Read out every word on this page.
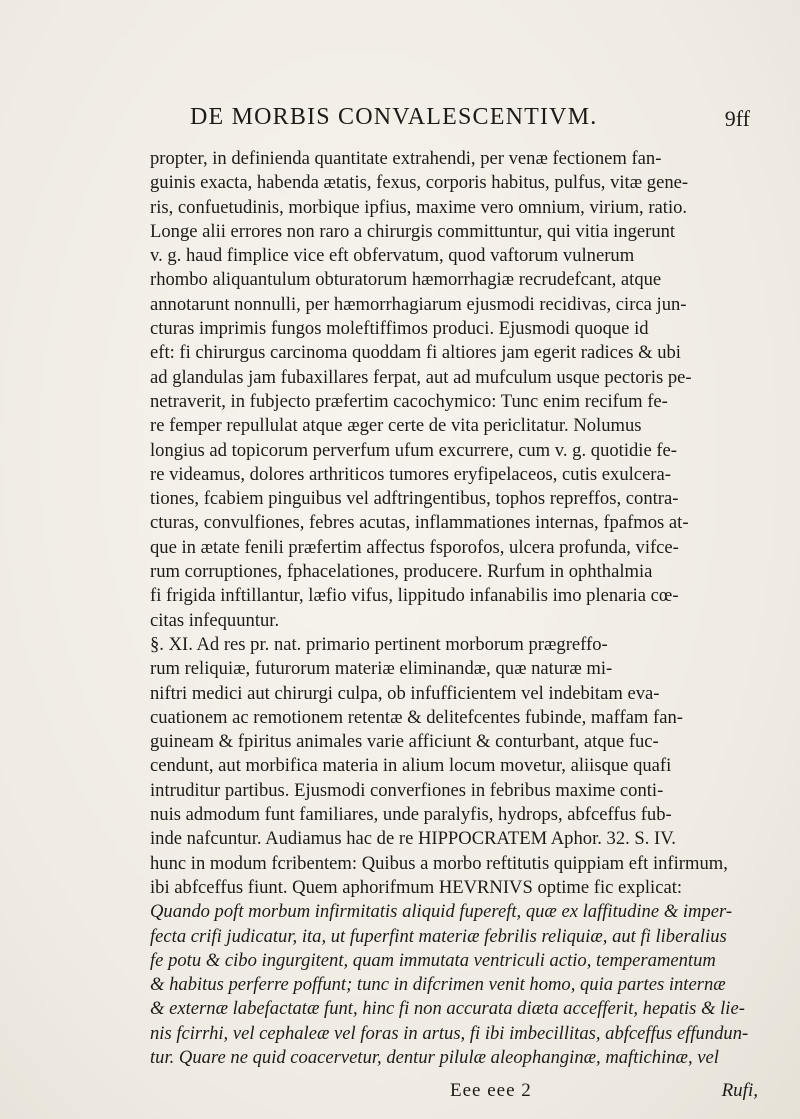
DE MORBIS CONVALESCENTIVM.	9ff
propter, in definienda quantitate extrahendi, per venæ fectionem fan-
guinis exacta, habenda ætatis, fexus, corporis habitus, pulfus, vitæ gene-
ris, confuetudinis, morbique ipfius, maxime vero omnium, virium, ratio.
Longe alii errores non raro a chirurgis committuntur, qui vitia ingerunt
v. g. haud fimplice vice eft obfervatum, quod vaftorum vulnerum
rhombo aliquantulum obturatorum hæmorrhagiæ recrudefcant, atque
annotarunt nonnulli, per hæmorrhagiarum ejusmodi recidivas, circa jun-
cturas imprimis fungos moleftiffimos produci. Ejusmodi quoque id
eft: fi chirurgus carcinoma quoddam fi altiores jam egerit radices & ubi
ad glandulas jam fubaxillares ferpat, aut ad mufculum usque pectoris pe-
netraverit, in fubjecto præfertim cacochymico: Tunc enim recifum fe-
re femper repullulat atque æger certe de vita periclitatur. Nolumus
longius ad topicorum perverfum ufum excurrere, cum v. g. quotidie fe-
re videamus, dolores arthriticos tumores eryfipelaceos, cutis exulcera-
tiones, fcabiem pinguibus vel adftringentibus, tophos repreffos, contra-
cturas, convulfiones, febres acutas, inflammationes internas, fpafmos at-
que in ætate fenili præfertim affectus fsporofos, ulcera profunda, vifce-
rum corruptiones, fphacelationes, producere. Rurfum in ophthalmia
fi frigida inftillantur, læfio vifus, lippitudo infanabilis imo plenaria cœ-
citas infequuntur.
§. XI. Ad res pr. nat. primario pertinent morborum prægreffo-
rum reliquiæ, futurorum materiæ eliminandæ, quæ naturæ mi-
niftri medici aut chirurgi culpa, ob infufficientem vel indebitam eva-
cuationem ac remotionem retentæ & delitefcentes fubinde, maffam fan-
guineam & fpiritus animales varie afficiunt & conturbant, atque fuc-
cendunt, aut morbifica materia in alium locum movetur, aliisque quafi
intruditur partibus. Ejusmodi converfiones in febribus maxime conti-
nuis admodum funt familiares, unde paralyfis, hydrops, abfceffus fub-
inde nafcuntur. Audiamus hac de re HIPPOCRATEM Aphor. 32. S. IV.
hunc in modum fcribentem: Quibus a morbo reftitutis quippiam eft infirmum,
ibi abfceffus fiunt. Quem aphorifmum HEVRNIVS optime fic explicat:
Quando poft morbum infirmitatis aliquid fupereft, quæ ex laffitudine & imper-
fecta crifi judicatur, ita, ut fuperfint materiæ febrilis reliquiæ, aut fi liberalius
fe potu & cibo ingurgitent, quam immutata ventriculi actio, temperamentum
& habitus perferre poffunt; tunc in difcrimen venit homo, quia partes internæ
& externæ labefactatæ funt, hinc fi non accurata diæta accefferit, hepatis & lie-
nis fcirrhi, vel cephaleæ vel foras in artus, fi ibi imbecillitas, abfceffus effundun-
tur. Quare ne quid coacervetur, dentur pilulæ aleophanginæ, maftichinæ, vel
Eee eee 2	Rufi,
